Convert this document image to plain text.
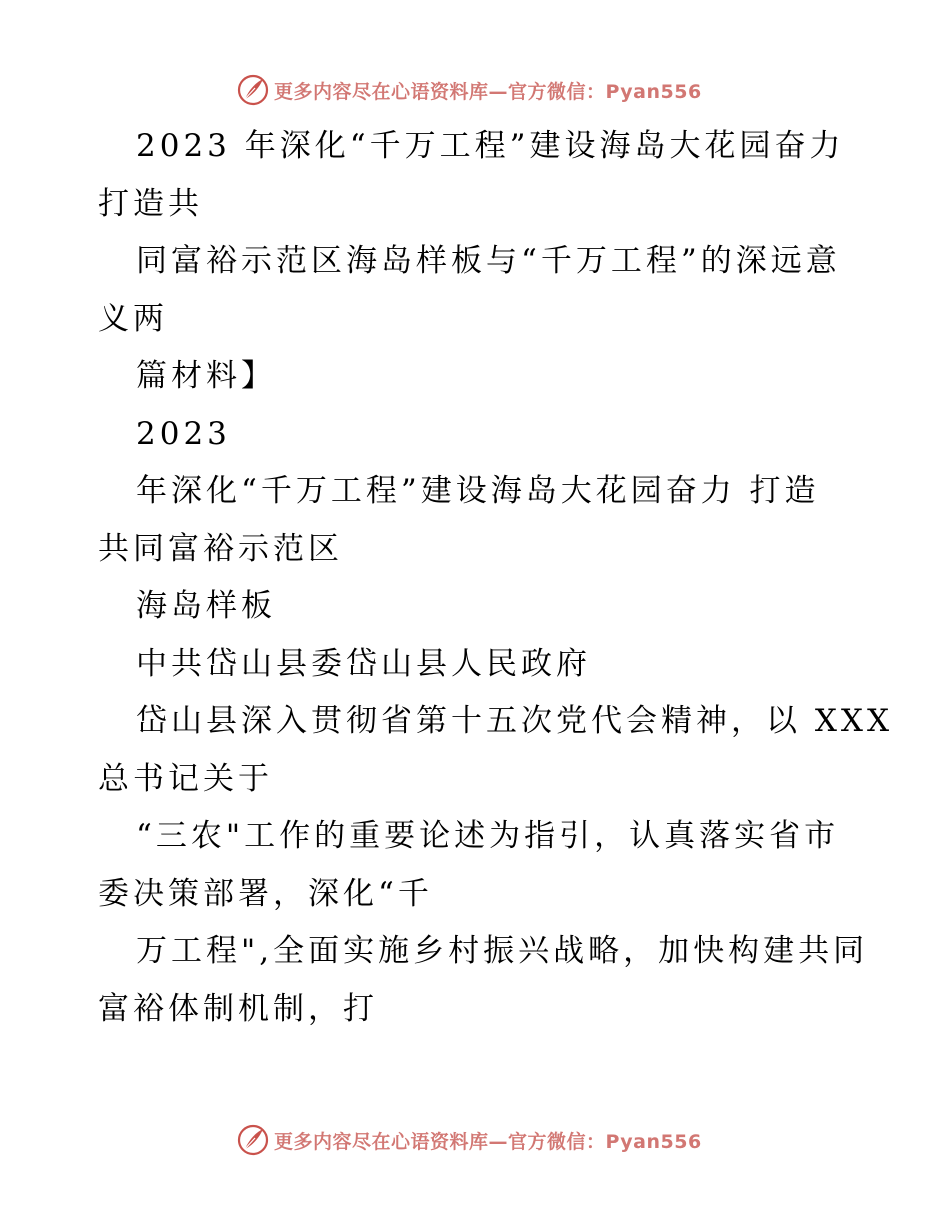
更多内容尽在心语资料库—官方微信：Pyan556
2023 年深化“千万工程”建设海岛大花园奋力
打造共
同富裕示范区海岛样板与“千万工程”的深远意
义两
篇材料】
2023
年深化“千万工程”建设海岛大花园奋力 打造
共同富裕示范区
海岛样板
中共岱山县委岱山县人民政府
岱山县深入贯彻省第十五次党代会精神，以 XXX
总书记关于
“三农"工作的重要论述为指引，认真落实省市
委决策部署，深化“千
万工程",全面实施乡村振兴战略，加快构建共同
富裕体制机制，打
更多内容尽在心语资料库—官方微信：Pyan556
